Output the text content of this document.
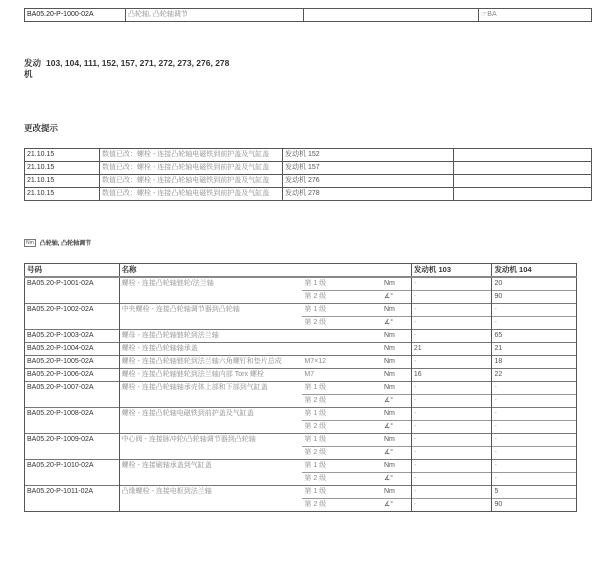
BA05.20-P-1000-02A	凸轮轴, 凸轮轴调节		☞BA
发动机103, 104, 111, 152, 157, 271, 272, 273, 276, 278
更改提示
21.10.15	数值已改：螺栓 - 连接凸轮轴电磁铁到前护盖及气缸盖	发动机 152	
21.10.15	数值已改：螺栓 - 连接凸轮轴电磁铁到前护盖及气缸盖	发动机 157	
21.10.15	数值已改：螺栓 - 连接凸轮轴电磁铁到前护盖及气缸盖	发动机 276	
21.10.15	数值已改：螺栓 - 连接凸轮轴电磁铁到前护盖及气缸盖	发动机 278	
Nm	凸轮轴, 凸轮轴调节
号码	名称			发动机 103	发动机 104
BA05.20-P-1001-02A	螺栓 - 连接凸轮轴链轮/法兰轴	第 1 级	Nm	-	20
		第 2 级	∡°	-	90
BA05.20-P-1002-02A	中央螺栓 - 连接凸轮轴调节器到凸轮轴	第 1 级	Nm	-	-
		第 2 级	∡°	-	-
BA05.20-P-1003-02A	螺母 - 连接凸轮轴链轮到法兰轴		Nm	-	65
BA05.20-P-1004-02A	螺栓 - 连接凸轮轴轴承盖		Nm	21	21
BA05.20-P-1005-02A	螺栓 - 连接凸轮轴链轮到法兰轴六角螺钉和垫片总成	M7×12	Nm	-	18
BA05.20-P-1006-02A	螺栓 - 连接凸轮轴链轮到法兰轴内部 Torx 螺栓	M7	Nm	16	22
BA05.20-P-1007-02A	螺栓 - 连接凸轮轴轴承壳体上部和下部到气缸盖	第 1 级	Nm	-	-
		第 2 级	∡°	-	-
BA05.20-P-1008-02A	螺栓 - 连接凸轮轴电磁铁到前护盖及气缸盖	第 1 级	Nm	-	-
		第 2 级	∡°	-	-
BA05.20-P-1009-02A	中心阀 - 连接脉冲轮/凸轮轴调节器到凸轮轴	第 1 级	Nm	-	-
		第 2 级	∡°	-	-
BA05.20-P-1010-02A	螺栓 - 连接刷轴承盖到气缸盖	第 1 级	Nm	-	-
		第 2 级	∡°	-	-
BA05.20-P-1011-02A	凸缘螺栓 - 连接电枢到法兰轴	第 1 级	Nm	-	5
		第 2 级	∡°	-	90
